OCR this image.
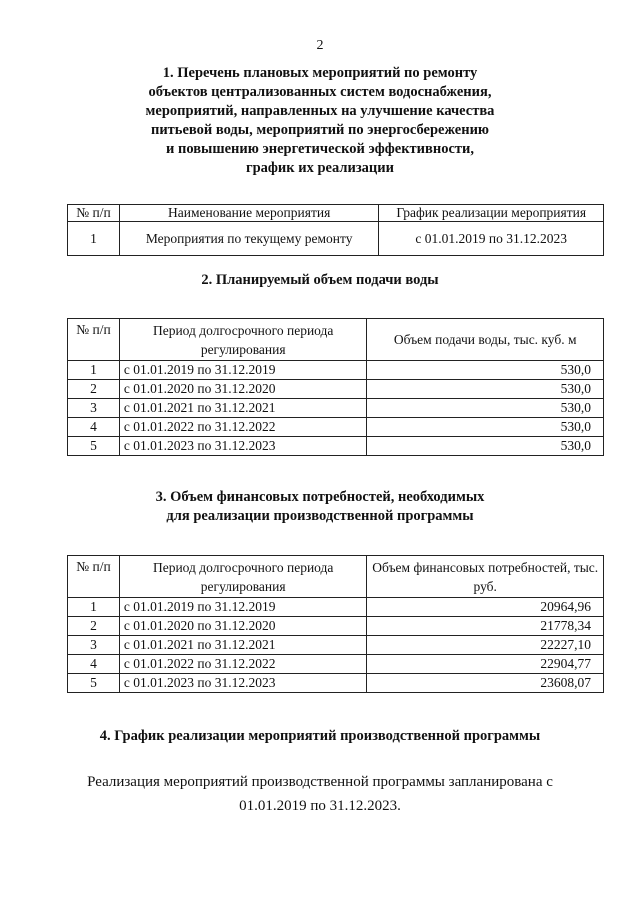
2
1. Перечень плановых мероприятий по ремонту
объектов централизованных систем водоснабжения,
мероприятий, направленных на улучшение качества
питьевой воды, мероприятий по энергосбережению
и повышению энергетической эффективности,
график их реализации
№ п/п	Наименование мероприятия	График реализации мероприятия
1	Мероприятия по текущему ремонту	с 01.01.2019 по 31.12.2023
2. Планируемый объем подачи воды
№ п/п	Период долгосрочного периода регулирования	Объем подачи воды, тыс. куб. м
1	с 01.01.2019 по 31.12.2019	530,0
2	с 01.01.2020 по 31.12.2020	530,0
3	с 01.01.2021 по 31.12.2021	530,0
4	с 01.01.2022 по 31.12.2022	530,0
5	с 01.01.2023 по 31.12.2023	530,0
3. Объем финансовых потребностей, необходимых
для реализации производственной программы
№ п/п	Период долгосрочного периода регулирования	Объем финансовых потребностей, тыс. руб.
1	с 01.01.2019 по 31.12.2019	20964,96
2	с 01.01.2020 по 31.12.2020	21778,34
3	с 01.01.2021 по 31.12.2021	22227,10
4	с 01.01.2022 по 31.12.2022	22904,77
5	с 01.01.2023 по 31.12.2023	23608,07
4. График реализации мероприятий производственной программы
Реализация мероприятий производственной программы запланирована с
01.01.2019 по 31.12.2023.
